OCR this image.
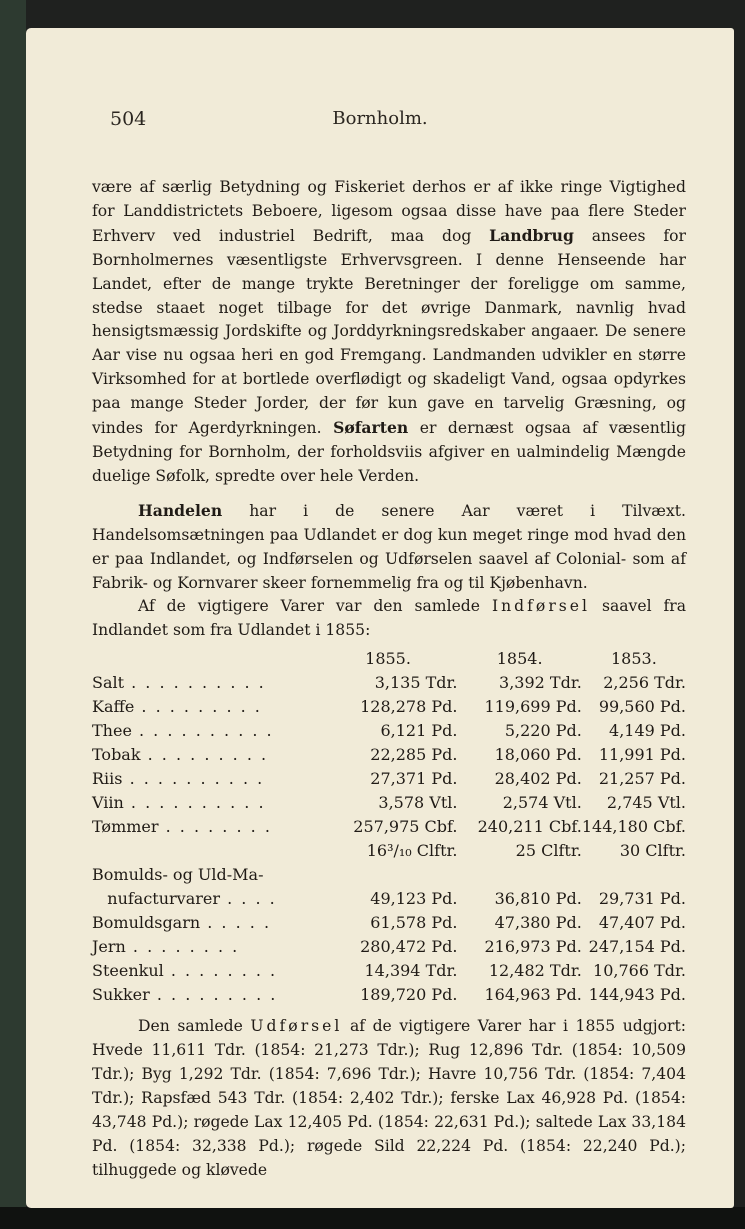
504	Bornholm.

være af særlig Betydning og Fiskeriet derhos er af ikke ringe Vigtighed for Landdistrictets Beboere, ligesom ogsaa disse have paa flere Steder Erhverv ved industriel Bedrift, maa dog Landbrug ansees for Bornholmernes væsentligste Erhvervsgreen. I denne Henseende har Landet, efter de mange trykte Beretninger der foreligge om samme, stedse staaet noget tilbage for det øvrige Danmark, navnlig hvad hensigtsmæssig Jordskifte og Jorddyrkningsredskaber angaaer. De senere Aar vise nu ogsaa heri en god Fremgang. Landmanden udvikler en større Virksomhed for at bortlede overflødigt og skadeligt Vand, ogsaa opdyrkes paa mange Steder Jorder, der før kun gave en tarvelig Græsning, og vindes for Agerdyrkningen. Søfarten er dernæst ogsaa af væsentlig Betydning for Bornholm, der forholdsviis afgiver en ualmindelig Mængde duelige Søfolk, spredte over hele Verden.

Handelen har i de senere Aar været i Tilvæxt. Handelsomsætningen paa Udlandet er dog kun meget ringe mod hvad den er paa Indlandet, og Indførselen og Udførselen saavel af Colonial- som af Fabrik- og Kornvarer skeer fornemmelig fra og til Kjøbenhavn.

Af de vigtigere Varer var den samlede Indførsel saavel fra Indlandet som fra Udlandet i 1855:

	1855.	1854.	1853.
Salt . . . . . . . . . .	3,135 Tdr.	3,392 Tdr.	2,256 Tdr.
Kaffe . . . . . . . . .	128,278 Pd.	119,699 Pd.	99,560 Pd.
Thee . . . . . . . . . .	6,121 Pd.	5,220 Pd.	4,149 Pd.
Tobak . . . . . . . . .	22,285 Pd.	18,060 Pd.	11,991 Pd.
Riis . . . . . . . . . .	27,371 Pd.	28,402 Pd.	21,257 Pd.
Viin . . . . . . . . . .	3,578 Vtl.	2,574 Vtl.	2,745 Vtl.
Tømmer . . . . . . . .	257,975 Cbf.	240,211 Cbf.	144,180 Cbf.
	16³/₁₀ Clftr.	25 Clftr.	30 Clftr.
Bomulds- og Uld-Ma-			
nufacturvarer . . . .	49,123 Pd.	36,810 Pd.	29,731 Pd.
Bomuldsgarn . . . . .	61,578 Pd.	47,380 Pd.	47,407 Pd.
Jern . . . . . . . .	280,472 Pd.	216,973 Pd.	247,154 Pd.
Steenkul . . . . . . . .	14,394 Tdr.	12,482 Tdr.	10,766 Tdr.
Sukker . . . . . . . . .	189,720 Pd.	164,963 Pd.	144,943 Pd.

Den samlede Udførsel af de vigtigere Varer har i 1855 udgjort: Hvede 11,611 Tdr. (1854: 21,273 Tdr.); Rug 12,896 Tdr. (1854: 10,509 Tdr.); Byg 1,292 Tdr. (1854: 7,696 Tdr.); Havre 10,756 Tdr. (1854: 7,404 Tdr.); Rapsfæd 543 Tdr. (1854: 2,402 Tdr.); ferske Lax 46,928 Pd. (1854: 43,748 Pd.); røgede Lax 12,405 Pd. (1854: 22,631 Pd.); saltede Lax 33,184 Pd. (1854: 32,338 Pd.); røgede Sild 22,224 Pd. (1854: 22,240 Pd.); tilhuggede og kløvede
